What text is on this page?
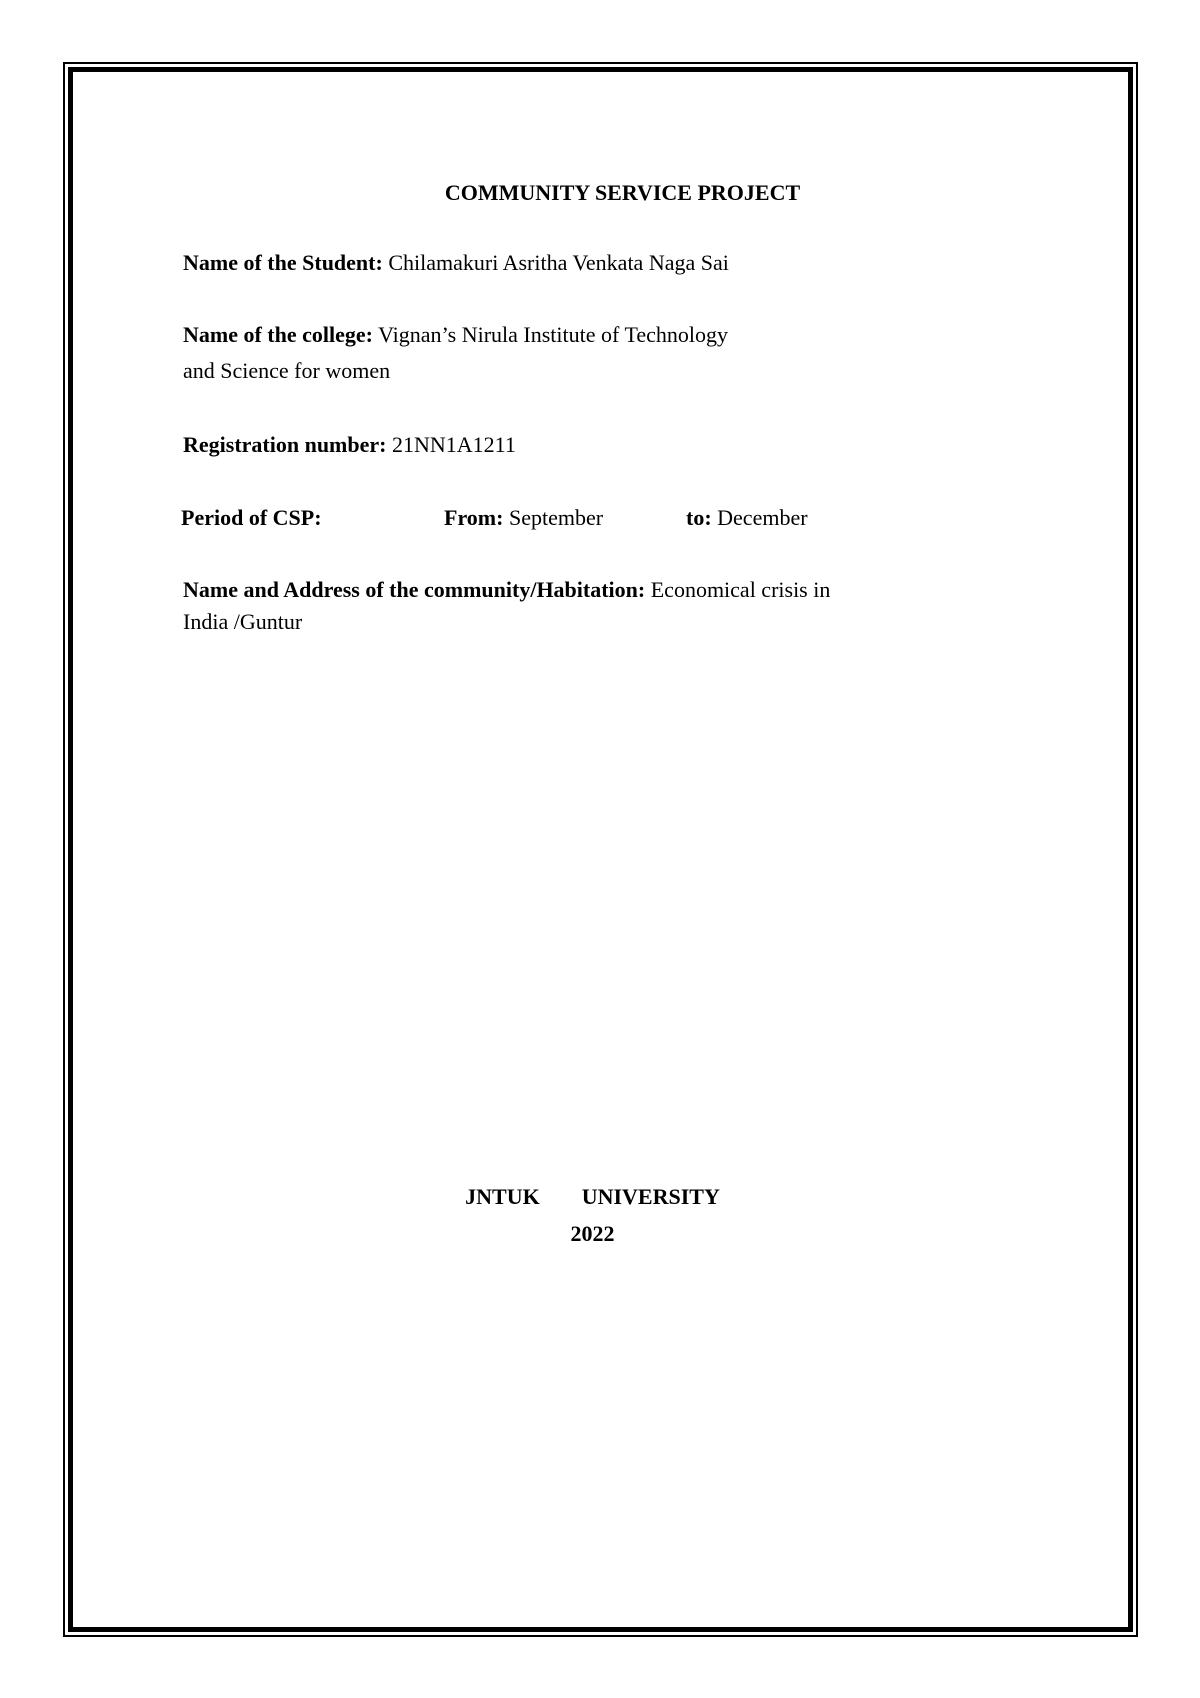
COMMUNITY SERVICE PROJECT
Name of the Student: Chilamakuri Asritha Venkata Naga Sai
Name of the college: Vignan’s Nirula Institute of Technology
and Science for women
Registration number: 21NN1A1211
Period of CSP:	From: September	to: December
Name and Address of the community/Habitation: Economical crisis in
India /Guntur
JNTUK UNIVERSITY
2022
